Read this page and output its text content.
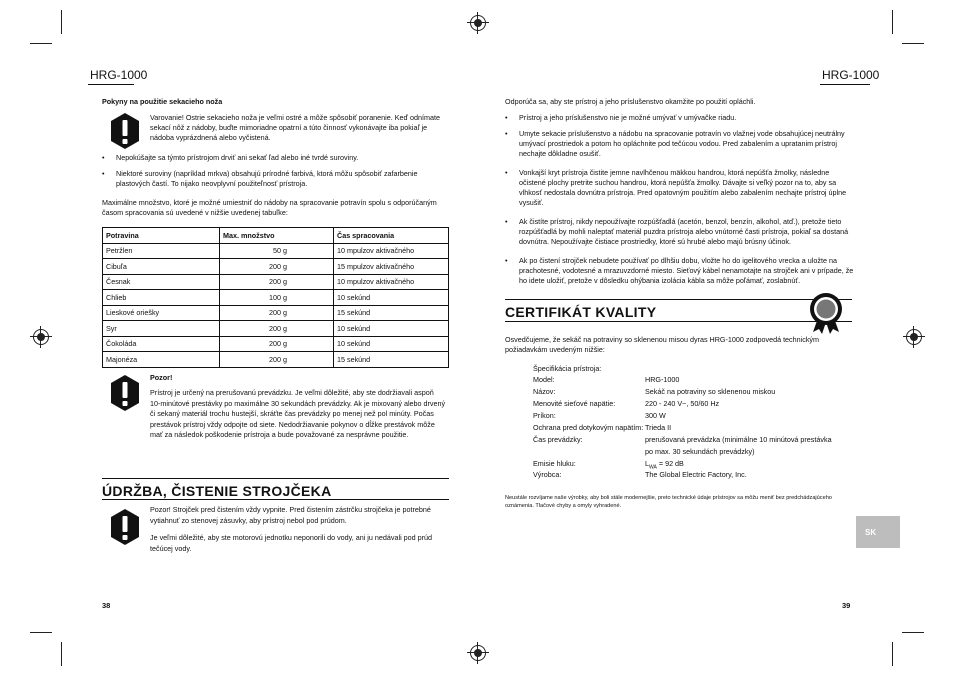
HRG-1000
Pokyny na použitie sekacieho noža
Varovanie! Ostrie sekacieho noža je veľmi ostré a môže spôsobiť poranenie. Keď odnímate sekací nôž z nádoby, buďte mimoriadne opatrní a túto činnosť vykonávajte iba pokiaľ je nádoba vyprázdnená alebo vyčistená.
• Nepokúšajte sa týmto prístrojom drviť ani sekať ľad alebo iné tvrdé suroviny.
• Niektoré suroviny (napríklad mrkva) obsahujú prírodné farbivá, ktorá môžu spôsobiť zafarbenie plastových častí. To nijako neovplyvní použiteľnosť prístroja.
Maximálne množstvo, ktoré je možné umiestniť do nádoby na spracovanie potravín spolu s odporúčaným časom spracovania sú uvedené v nižšie uvedenej tabuľke:
Potravina	Max. množstvo	Čas spracovania
Petržlen	50 g	10 mpulzov aktivačného
Cibuľa	200 g	15 mpulzov aktivačného
Česnak	200 g	10 mpulzov aktivačného
Chlieb	100 g	10 sekúnd
Lieskové oriešky	200 g	15 sekúnd
Syr	200 g	10 sekúnd
Čokoláda	200 g	10 sekúnd
Majonéza	200 g	15 sekúnd
Pozor!
Prístroj je určený na prerušovanú prevádzku. Je veľmi dôležité, aby ste dodržiavali aspoň 10-minútové prestávky po maximálne 30 sekundách prevádzky. Ak je mixovaný alebo drvený či sekaný materiál trochu hustejší, skráťte čas prevádzky po menej než pol minúty. Počas prestávok prístroj vždy odpojte od siete. Nedodržiavanie pokynov o dĺžke prestávok môže mať za následok poškodenie prístroja a bude považované za nesprávne použitie.
ÚDRŽBA, ČISTENIE STROJČEKA
Pozor! Strojček pred čistením vždy vypnite. Pred čistením zástrčku strojčeka je potrebné vytiahnuť zo stenovej zásuvky, aby prístroj nebol pod prúdom.
Je veľmi dôležité, aby ste motorovú jednotku neponorili do vody, ani ju nedávali pod prúd tečúcej vody.
38
HRG-1000
Odporúča sa, aby ste prístroj a jeho príslušenstvo okamžite po použití opláchli.
• Prístroj a jeho príslušenstvo nie je možné umývať v umývačke riadu.
• Umyte sekacie príslušenstvo a nádobu na spracovanie potravín vo vlažnej vode obsahujúcej neutrálny umývací prostriedok a potom ho opláchnite pod tečúcou vodou. Pred zabalením a upratanim prístroj nechajte dôkladne osušiť.
• Vonkajší kryt prístroja čistite jemne navlhčenou mäkkou handrou, ktorá nepúšťa žmolky, následne očistené plochy pretrite suchou handrou, ktorá nepúšťa žmolky. Dávajte si veľký pozor na to, aby sa vlhkosť nedostala dovnútra prístroja. Pred opatovným použitím alebo zabalením nechajte prístroj úplne vysušiť.
• Ak čistíte prístroj, nikdy nepoužívajte rozpúšťadlá (acetón, benzol, benzín, alkohol, atď.), pretože tieto rozpúšťadlá by mohli naleptať materiál puzdra prístroja alebo vnútorné časti prístroja, pokiaľ sa dostaná dovnútra. Nepoužívajte čistiace prostriedky, ktoré sú hrubé alebo majú brúsny účinok.
• Ak po čistení strojček nebudete používať po dlhšiu dobu, vložte ho do igelitového vrecka a uložte na prachotesné, vodotesné a mrazuvzdorné miesto. Sieťový kábel nenamotajte na strojček ani v prípade, že ho idete uložiť, pretože v dôsledku ohýbania izolácia kábla sa môže poľámať, zoslabnúť.
CERTIFIKÁT KVALITY
Osvedčujeme, že sekáč na potraviny so sklenenou misou dyras HRG-1000 zodpovedá technickým požiadavkám uvedeným nižšie:
Špecifikácia prístroja:
Model:	HRG-1000
Názov:	Sekáč na potraviny so sklenenou miskou
Menovité sieťové napätie:	220 - 240 V~, 50/60 Hz
Príkon:	300 W
Ochrana pred dotykovým napätím: Trieda II
Čas prevádzky:	prerušovaná prevádzka (minimálne 10 minútová prestávka
po max. 30 sekundách prevádzky)
Emisie hluku:	$L_{WA} = 92$ dB
Výrobca:	The Global Electric Factory, Inc.
Neustále rozvíjame naše výrobky, aby boli stále modernejšie, preto technické údaje prístrojov sa môžu meniť bez predchádzajúceho oznámenia. Tlačové chyby a omyly vyhradené.
SK
39
